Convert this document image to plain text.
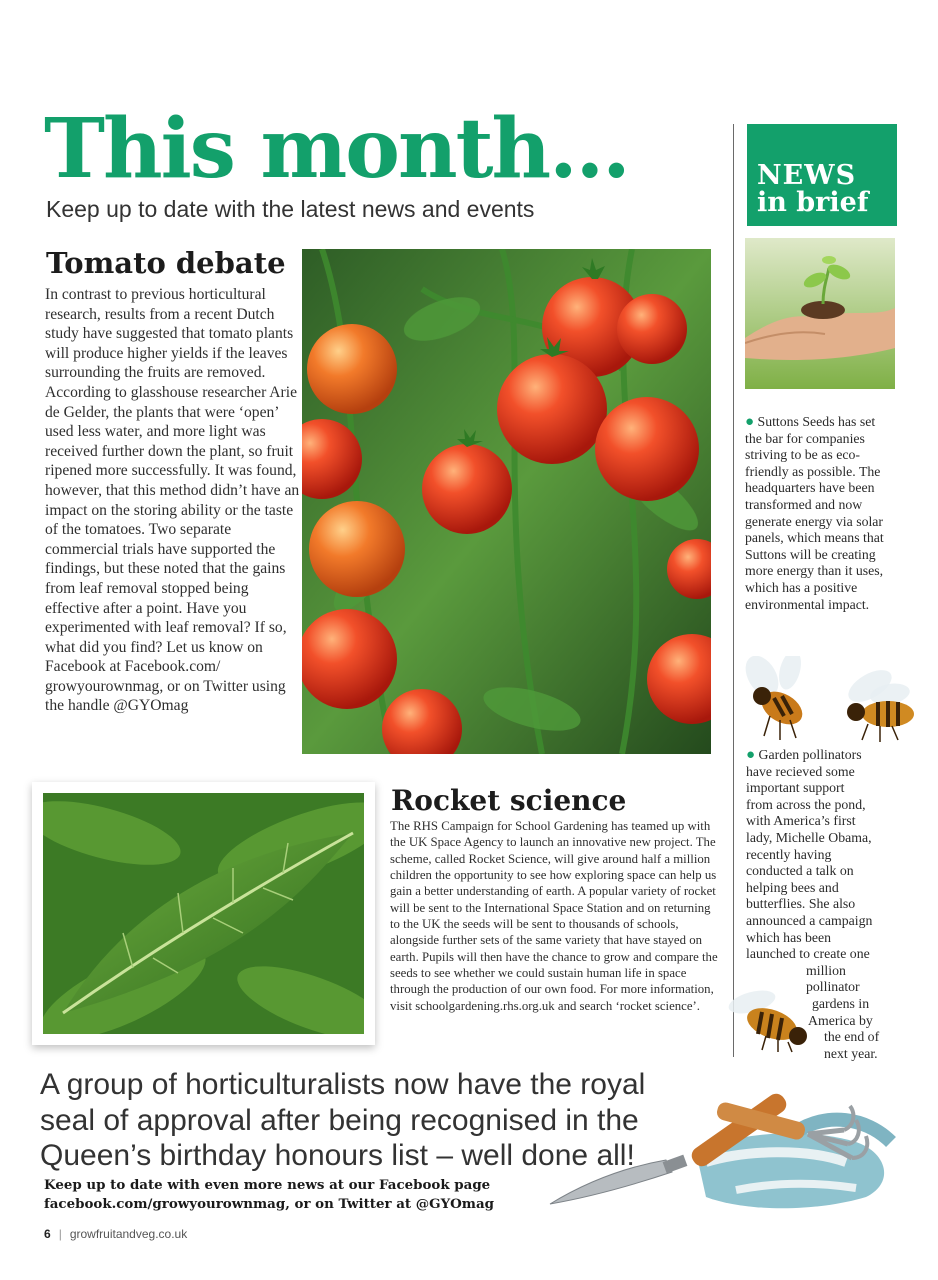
This month...
Keep up to date with the latest news and events
Tomato debate
In contrast to previous horticultural research, results from a recent Dutch study have suggested that tomato plants will produce higher yields if the leaves surrounding the fruits are removed. According to glasshouse researcher Arie de Gelder, the plants that were ‘open’ used less water, and more light was received further down the plant, so fruit ripened more successfully. It was found, however, that this method didn’t have an impact on the storing ability or the taste of the tomatoes. Two separate commercial trials have supported the findings, but these noted that the gains from leaf removal stopped being effective after a point. Have you experimented with leaf removal? If so, what did you find? Let us know on Facebook at Facebook.com/ growyourownmag, or on Twitter using the handle @GYOmag
Rocket science
The RHS Campaign for School Gardening has teamed up with the UK Space Agency to launch an innovative new project. The scheme, called Rocket Science, will give around half a million children the opportunity to see how exploring space can help us gain a better understanding of earth. A popular variety of rocket will be sent to the International Space Station and on returning to the UK the seeds will be sent to thousands of schools, alongside further sets of the same variety that have stayed on earth. Pupils will then have the chance to grow and compare the seeds to see whether we could sustain human life in space through the production of our own food. For more information, visit schoolgardening.rhs.org.uk and search ‘rocket science’.
NEWS
in brief
● Suttons Seeds has set the bar for companies striving to be as eco-friendly as possible. The headquarters have been transformed and now generate energy via solar panels, which means that Suttons will be creating more energy than it uses, which has a positive environmental impact.
● Garden pollinators
have recieved some
important support
from across the pond,
with America’s first
lady, Michelle Obama,
recently having
conducted a talk on
helping bees and
butterflies. She also
announced a campaign
which has been
launched to create one
million pollinator
gardens in
America by
the end of
next year.
A group of horticulturalists now have the royal seal of approval after being recognised in the Queen’s birthday honours list – well done all!
Keep up to date with even more news at our Facebook page
facebook.com/growyourownmag, or on Twitter at @GYOmag
6 | growfruitandveg.co.uk
